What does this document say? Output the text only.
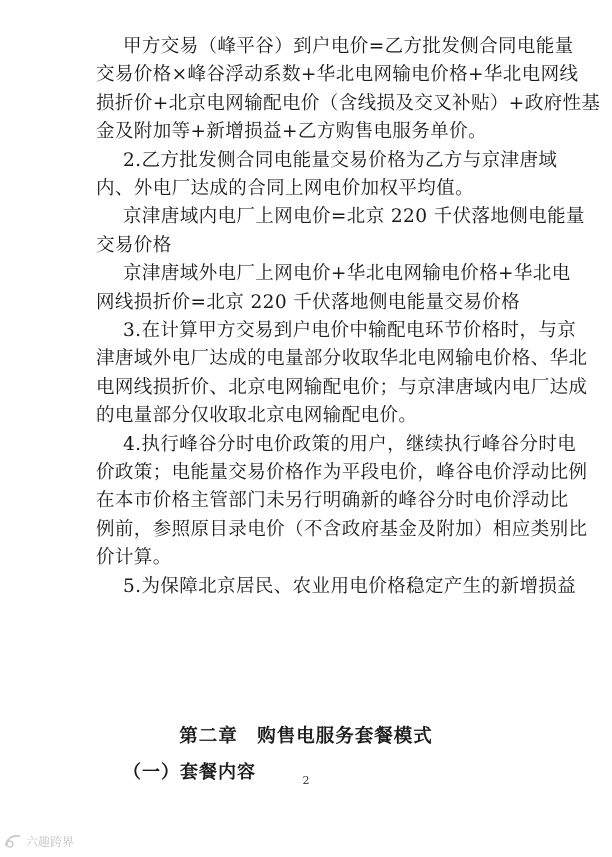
甲方交易（峰平谷）到户电价=乙方批发侧合同电能量
交易价格×峰谷浮动系数+华北电网输电价格+华北电网线
损折价+北京电网输配电价（含线损及交叉补贴）+政府性基
金及附加等+新增损益+乙方购售电服务单价。
2.乙方批发侧合同电能量交易价格为乙方与京津唐域
内、外电厂达成的合同上网电价加权平均值。
京津唐域内电厂上网电价=北京 220 千伏落地侧电能量
交易价格
京津唐域外电厂上网电价+华北电网输电价格+华北电
网线损折价=北京 220 千伏落地侧电能量交易价格
3.在计算甲方交易到户电价中输配电环节价格时，与京
津唐域外电厂达成的电量部分收取华北电网输电价格、华北
电网线损折价、北京电网输配电价；与京津唐域内电厂达成
的电量部分仅收取北京电网输配电价。
4.执行峰谷分时电价政策的用户，继续执行峰谷分时电
价政策；电能量交易价格作为平段电价，峰谷电价浮动比例
在本市价格主管部门未另行明确新的峰谷分时电价浮动比
例前，参照原目录电价（不含政府基金及附加）相应类别比
价计算。
5.为保障北京居民、农业用电价格稳定产生的新增损益
第二章　购售电服务套餐模式
（一）套餐内容	2
六趣跨界
